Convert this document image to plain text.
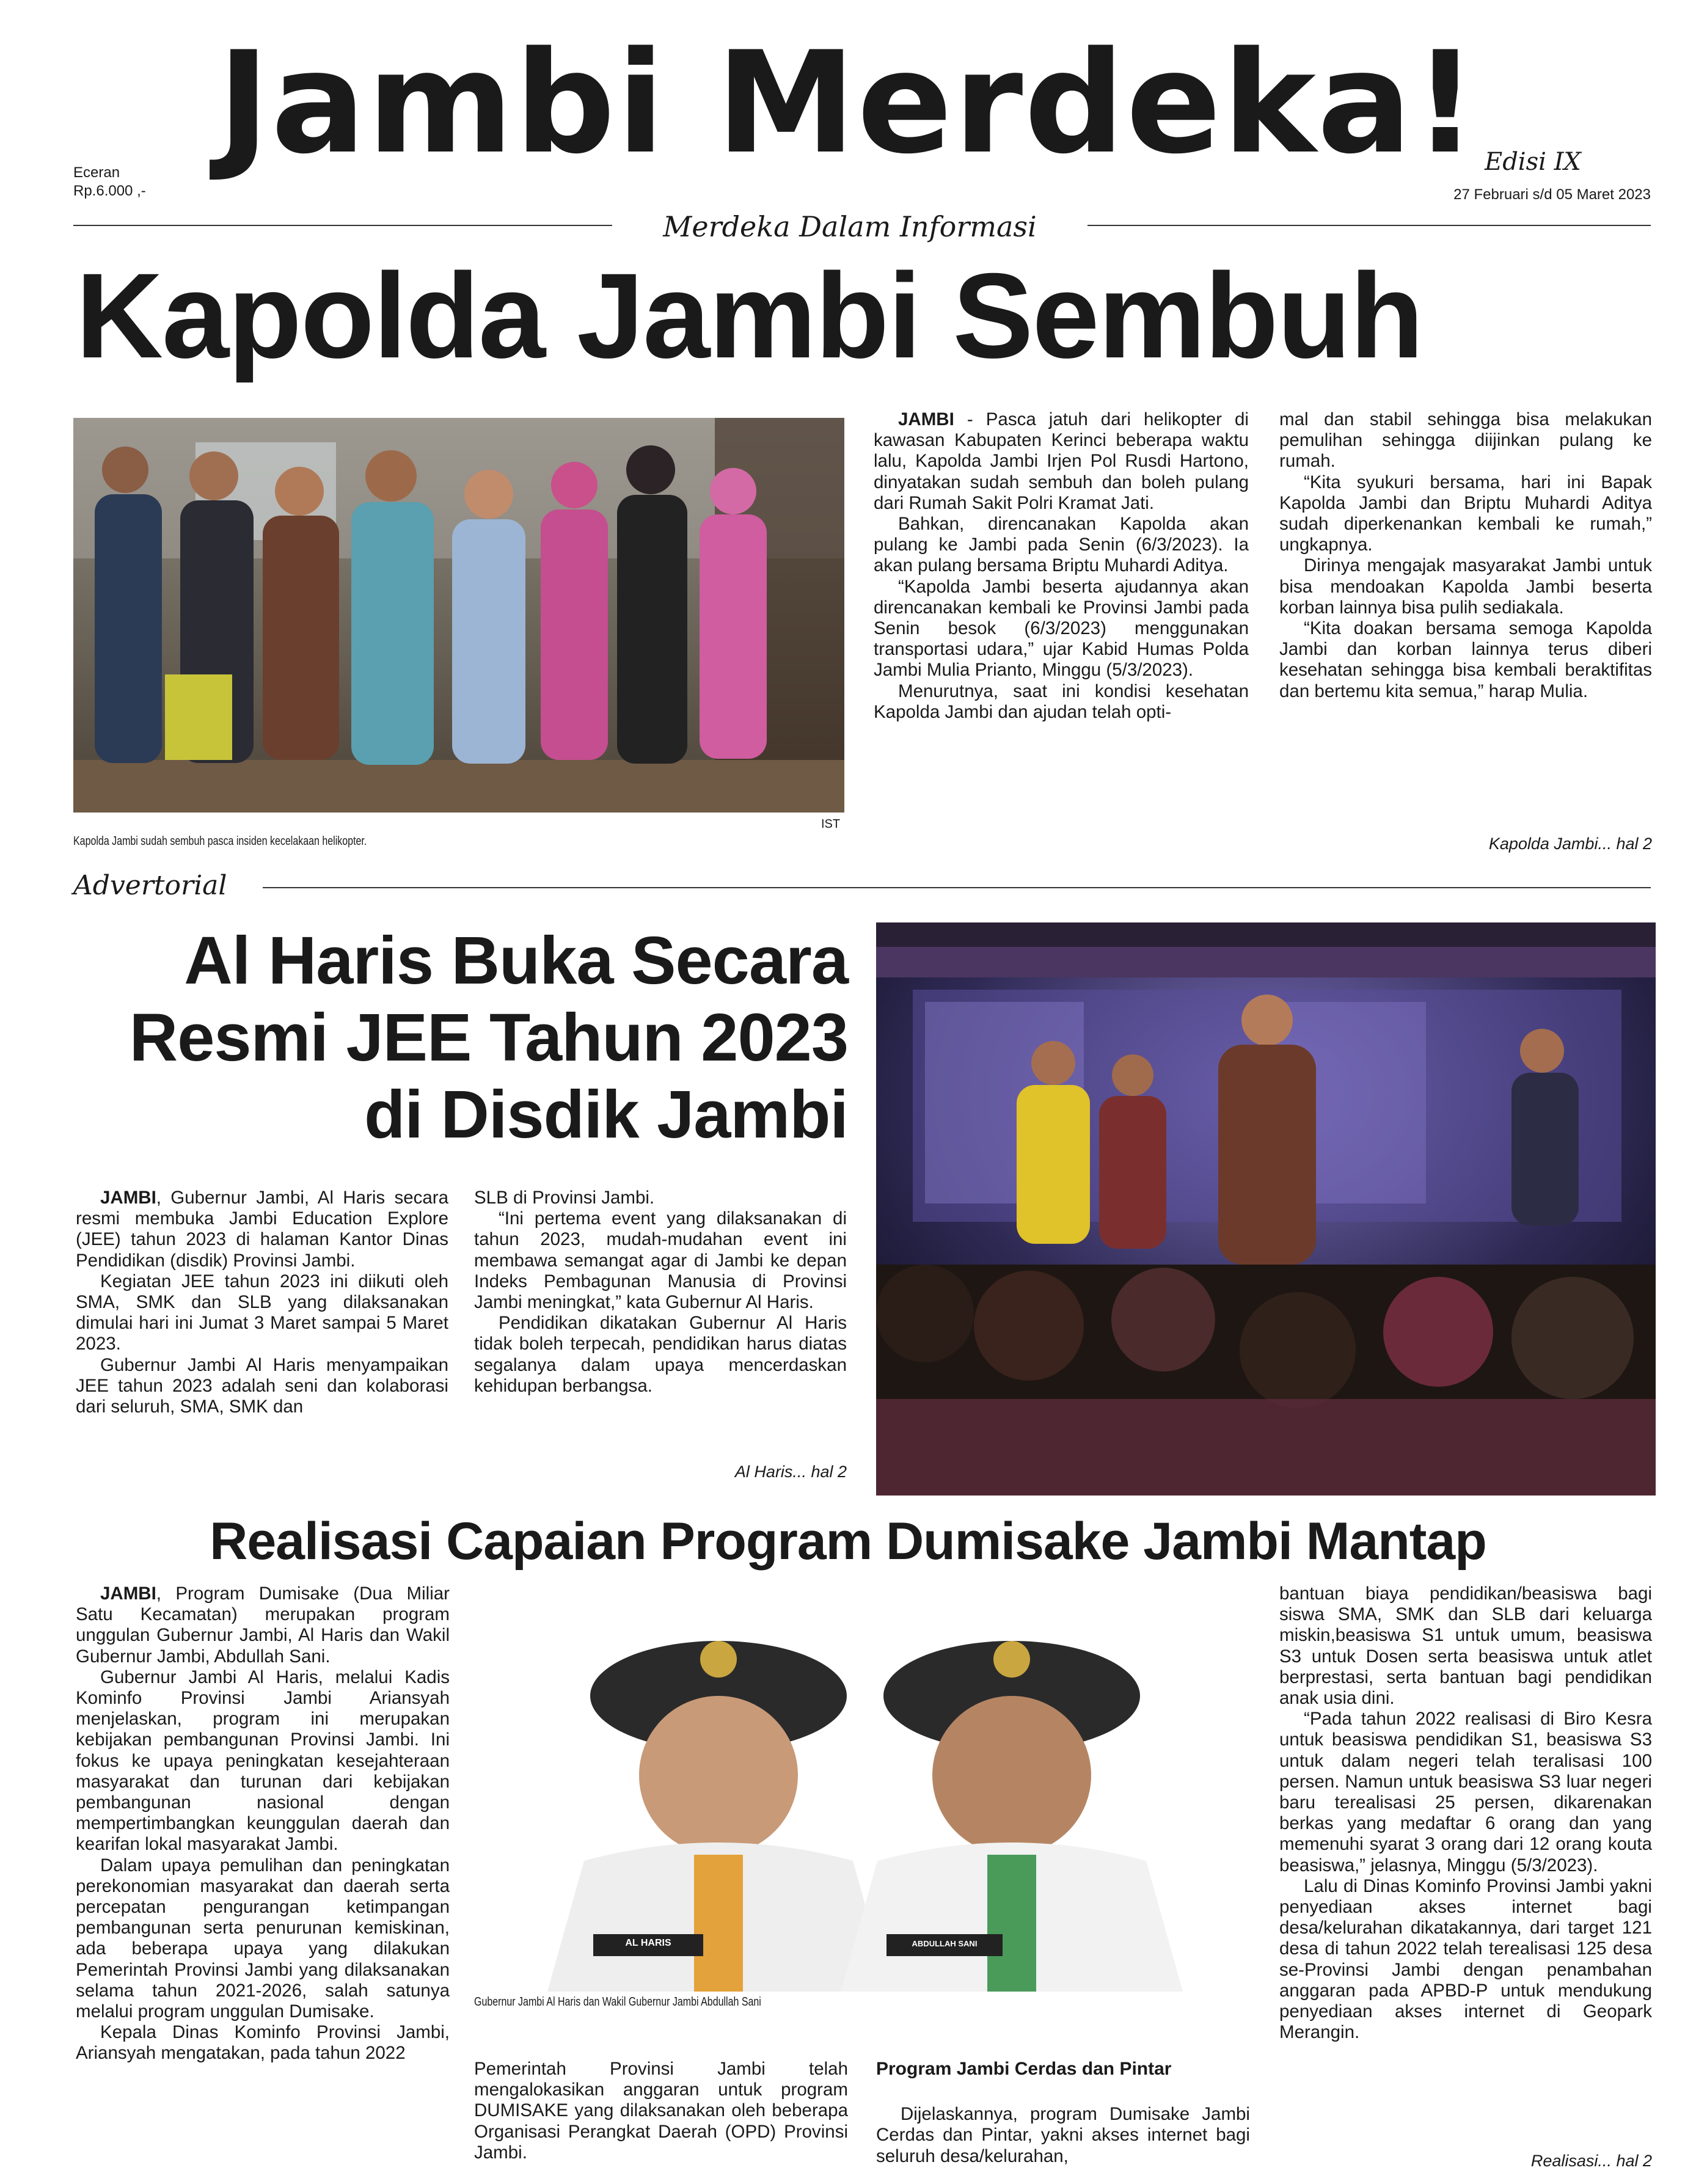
Jambi Merdeka!
Eceran
Rp.6.000 ,-
Edisi IX
27 Februari s/d 05 Maret 2023
Merdeka Dalam Informasi
Kapolda Jambi Sembuh
IST
Kapolda Jambi sudah sembuh pasca insiden kecelakaan helikopter.

JAMBI - Pasca jatuh dari helikopter di kawasan Kabupaten Kerinci beberapa waktu lalu, Kapolda Jambi Irjen Pol Rusdi Hartono, dinyatakan sudah sembuh dan boleh pulang dari Rumah Sakit Polri Kramat Jati.

Bahkan, direncanakan Kapolda akan pulang ke Jambi pada Senin (6/3/2023). Ia akan pulang bersama Briptu Muhardi Aditya.

“Kapolda Jambi beserta ajudannya akan direncanakan kembali ke Provinsi Jambi pada Senin besok (6/3/2023) menggunakan transportasi udara,” ujar Kabid Humas Polda Jambi Mulia Prianto, Minggu (5/3/2023).

Menurutnya, saat ini kondisi kesehatan Kapolda Jambi dan ajudan telah opti-

mal dan stabil sehingga bisa melakukan pemulihan sehingga diijinkan pulang ke rumah.

“Kita syukuri bersama, hari ini Bapak Kapolda Jambi dan Briptu Muhardi Aditya sudah diperkenankan kembali ke rumah,” ungkapnya.

Dirinya mengajak masyarakat Jambi untuk bisa mendoakan Kapolda Jambi beserta korban lainnya bisa pulih sediakala.

“Kita doakan bersama semoga Kapolda Jambi dan korban lainnya terus diberi kesehatan sehingga bisa kembali beraktifitas dan bertemu kita semua,” harap Mulia.

Kapolda Jambi... hal 2
Advertorial
Al Haris Buka Secara
Resmi JEE Tahun 2023
di Disdik Jambi

JAMBI, Gubernur Jambi, Al Haris secara resmi membuka Jambi Education Explore (JEE) tahun 2023 di halaman Kantor Dinas Pendidikan (disdik) Provinsi Jambi.

Kegiatan JEE tahun 2023 ini diikuti oleh SMA, SMK dan SLB yang dilaksanakan dimulai hari ini Jumat 3 Maret sampai 5 Maret 2023.

Gubernur Jambi Al Haris menyampaikan JEE tahun 2023 adalah seni dan kolaborasi dari seluruh, SMA, SMK dan

SLB di Provinsi Jambi.

“Ini pertema event yang dilaksanakan di tahun 2023, mudah-mudahan event ini membawa semangat agar di Jambi ke depan Indeks Pembagunan Manusia di Provinsi Jambi meningkat,” kata Gubernur Al Haris.

Pendidikan dikatakan Gubernur Al Haris tidak boleh terpecah, pendidikan harus diatas segalanya dalam upaya mencerdaskan kehidupan berbangsa.

Al Haris... hal 2
Realisasi Capaian Program Dumisake Jambi Mantap

JAMBI, Program Dumisake (Dua Miliar Satu Kecamatan) merupakan program unggulan Gubernur Jambi, Al Haris dan Wakil Gubernur Jambi, Abdullah Sani.

Gubernur Jambi Al Haris, melalui Kadis Kominfo Provinsi Jambi Ariansyah menjelaskan, program ini merupakan kebijakan pembangunan Provinsi Jambi. Ini fokus ke upaya peningkatan kesejahteraan masyarakat dan turunan dari kebijakan pembangunan nasional dengan mempertimbangkan keunggulan daerah dan kearifan lokal masyarakat Jambi.

Dalam upaya pemulihan dan peningkatan perekonomian masyarakat dan daerah serta percepatan pengurangan ketimpangan pembangunan serta penurunan kemiskinan, ada beberapa upaya yang dilakukan Pemerintah Provinsi Jambi yang dilaksanakan selama tahun 2021-2026, salah satunya melalui program unggulan Dumisake.

Kepala Dinas Kominfo Provinsi Jambi, Ariansyah mengatakan, pada tahun 2022

AL HARIS	ABDULLAH SANI
Gubernur Jambi Al Haris dan Wakil Gubernur Jambi Abdullah Sani

Pemerintah Provinsi Jambi telah mengalokasikan anggaran untuk program DUMISAKE yang dilaksanakan oleh beberapa Organisasi Perangkat Daerah (OPD) Provinsi Jambi.

Program Jambi Cerdas dan Pintar

Dijelaskannya, program Dumisake Jambi Cerdas dan Pintar, yakni akses internet bagi seluruh desa/kelurahan,

bantuan biaya pendidikan/beasiswa bagi siswa SMA, SMK dan SLB dari keluarga miskin,beasiswa S1 untuk umum, beasiswa S3 untuk Dosen serta beasiswa untuk atlet berprestasi, serta bantuan bagi pendidikan anak usia dini.

“Pada tahun 2022 realisasi di Biro Kesra untuk beasiswa pendidikan S1, beasiswa S3 untuk dalam negeri telah teralisasi 100 persen. Namun untuk beasiswa S3 luar negeri baru terealisasi 25 persen, dikarenakan berkas yang medaftar 6 orang dan yang memenuhi syarat 3 orang dari 12 orang kouta beasiswa,” jelasnya, Minggu (5/3/2023).

Lalu di Dinas Kominfo Provinsi Jambi yakni penyediaan akses internet bagi desa/kelurahan dikatakannya, dari target 121 desa di tahun 2022 telah terealisasi 125 desa se-Provinsi Jambi dengan penambahan anggaran pada APBD-P untuk mendukung penyediaan akses internet di Geopark Merangin.

Realisasi... hal 2
